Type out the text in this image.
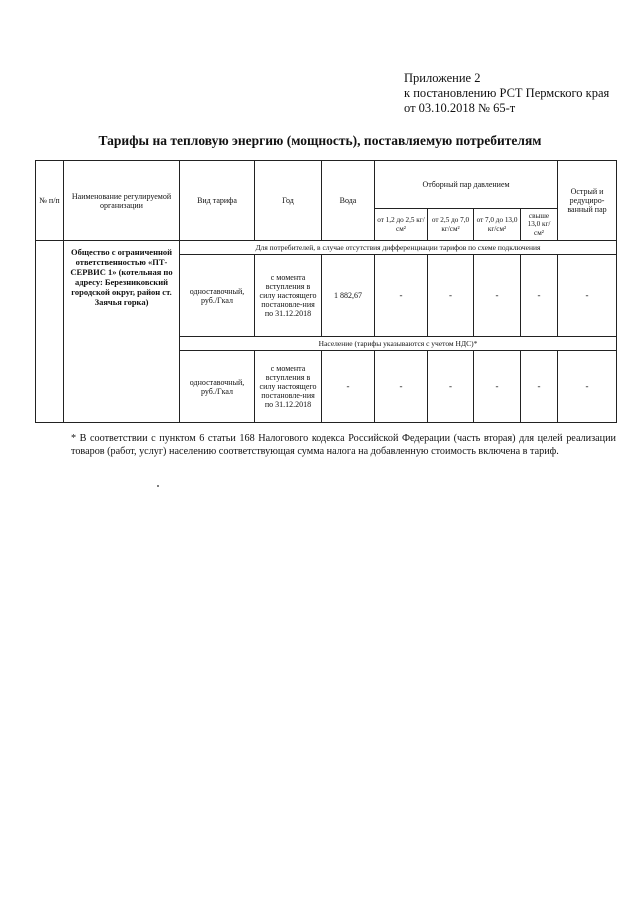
Приложение 2
к постановлению РСТ Пермского края
от 03.10.2018 № 65-т
Тарифы на тепловую энергию (мощность), поставляемую потребителям
№ п/п	Наименование регулируемой организации	Вид тарифа	Год	Вода	Отборный пар давлением				Острый и редуциро-ванный пар
					от 1,2 до 2,5 кг/см²	от 2,5 до 7,0 кг/см²	от 7,0 до 13,0 кг/см²	свыше 13,0 кг/см²	
	Общество с ограниченной ответственностью «ПТ-СЕРВИС 1» (котельная по адресу: Березниковский городской округ, район ст. Заячья горка)	Для потребителей, в случае отсутствия дифференциации тарифов по схеме подключения							
		одноставочный, руб./Гкал	с момента вступления в силу настоящего постановле-ния по 31.12.2018	1 882,67	-	-	-	-	-
		Население (тарифы указываются с учетом НДС)*							
		одноставочный, руб./Гкал	с момента вступления в силу настоящего постановле-ния по 31.12.2018	-	-	-	-	-	-
* В соответствии с пунктом 6 статьи 168 Налогового кодекса Российской Федерации (часть вторая) для целей реализации товаров (работ, услуг) населению соответствующая сумма налога на добавленную стоимость включена в тариф.
